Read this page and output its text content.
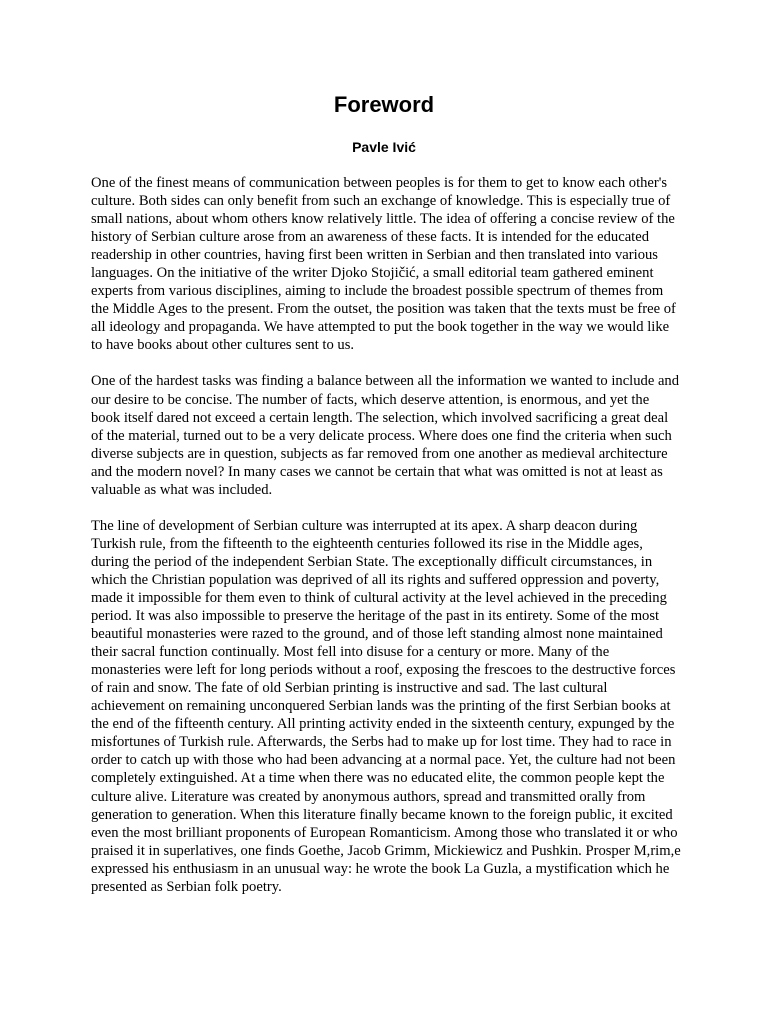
Foreword
Pavle Ivić

One of the finest means of communication between peoples is for them to get to know each other's culture. Both sides can only benefit from such an exchange of knowledge. This is especially true of small nations, about whom others know relatively little. The idea of offering a concise review of the history of Serbian culture arose from an awareness of these facts. It is intended for the educated readership in other countries, having first been written in Serbian and then translated into various languages. On the initiative of the writer Djoko Stojičić, a small editorial team gathered eminent experts from various disciplines, aiming to include the broadest possible spectrum of themes from the Middle Ages to the present. From the outset, the position was taken that the texts must be free of all ideology and propaganda. We have attempted to put the book together in the way we would like to have books about other cultures sent to us.

One of the hardest tasks was finding a balance between all the information we wanted to include and our desire to be concise. The number of facts, which deserve attention, is enormous, and yet the book itself dared not exceed a certain length. The selection, which involved sacrificing a great deal of the material, turned out to be a very delicate process. Where does one find the criteria when such diverse subjects are in question, subjects as far removed from one another as medieval architecture and the modern novel? In many cases we cannot be certain that what was omitted is not at least as valuable as what was included.

The line of development of Serbian culture was interrupted at its apex. A sharp deacon during Turkish rule, from the fifteenth to the eighteenth centuries followed its rise in the Middle ages, during the period of the independent Serbian State. The exceptionally difficult circumstances, in which the Christian population was deprived of all its rights and suffered oppression and poverty, made it impossible for them even to think of cultural activity at the level achieved in the preceding period. It was also impossible to preserve the heritage of the past in its entirety. Some of the most beautiful monasteries were razed to the ground, and of those left standing almost none maintained their sacral function continually. Most fell into disuse for a century or more. Many of the monasteries were left for long periods without a roof, exposing the frescoes to the destructive forces of rain and snow. The fate of old Serbian printing is instructive and sad. The last cultural achievement on remaining unconquered Serbian lands was the printing of the first Serbian books at the end of the fifteenth century. All printing activity ended in the sixteenth century, expunged by the misfortunes of Turkish rule. Afterwards, the Serbs had to make up for lost time. They had to race in order to catch up with those who had been advancing at a normal pace. Yet, the culture had not been completely extinguished. At a time when there was no educated elite, the common people kept the culture alive. Literature was created by anonymous authors, spread and transmitted orally from generation to generation. When this literature finally became known to the foreign public, it excited even the most brilliant proponents of European Romanticism. Among those who translated it or who praised it in superlatives, one finds Goethe, Jacob Grimm, Mickiewicz and Pushkin. Prosper M,rim,e expressed his enthusiasm in an unusual way: he wrote the book La Guzla, a mystification which he presented as Serbian folk poetry.
